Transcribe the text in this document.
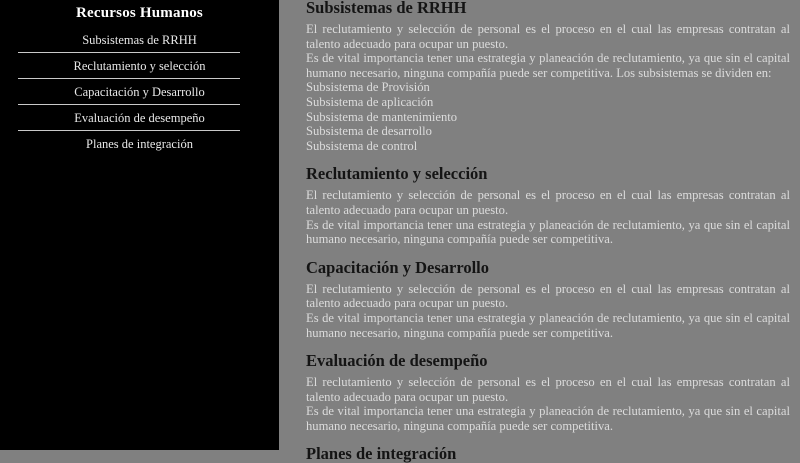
Recursos Humanos
Subsistemas de RRHH
Reclutamiento y selección
Capacitación y Desarrollo
Evaluación de desempeño
Planes de integración
Subsistemas de RRHH

El reclutamiento y selección de personal es el proceso en el cual las empresas contratan al talento adecuado para ocupar un puesto.

Es de vital importancia tener una estrategia y planeación de reclutamiento, ya que sin el capital humano necesario, ninguna compañía puede ser competitiva. Los subsistemas se dividen en:

Subsistema de Provisión
Subsistema de aplicación
Subsistema de mantenimiento
Subsistema de desarrollo
Subsistema de control
Reclutamiento y selección

El reclutamiento y selección de personal es el proceso en el cual las empresas contratan al talento adecuado para ocupar un puesto.

Es de vital importancia tener una estrategia y planeación de reclutamiento, ya que sin el capital humano necesario, ninguna compañía puede ser competitiva.

Capacitación y Desarrollo

El reclutamiento y selección de personal es el proceso en el cual las empresas contratan al talento adecuado para ocupar un puesto.

Es de vital importancia tener una estrategia y planeación de reclutamiento, ya que sin el capital humano necesario, ninguna compañía puede ser competitiva.

Evaluación de desempeño

El reclutamiento y selección de personal es el proceso en el cual las empresas contratan al talento adecuado para ocupar un puesto.

Es de vital importancia tener una estrategia y planeación de reclutamiento, ya que sin el capital humano necesario, ninguna compañía puede ser competitiva.

Planes de integración
